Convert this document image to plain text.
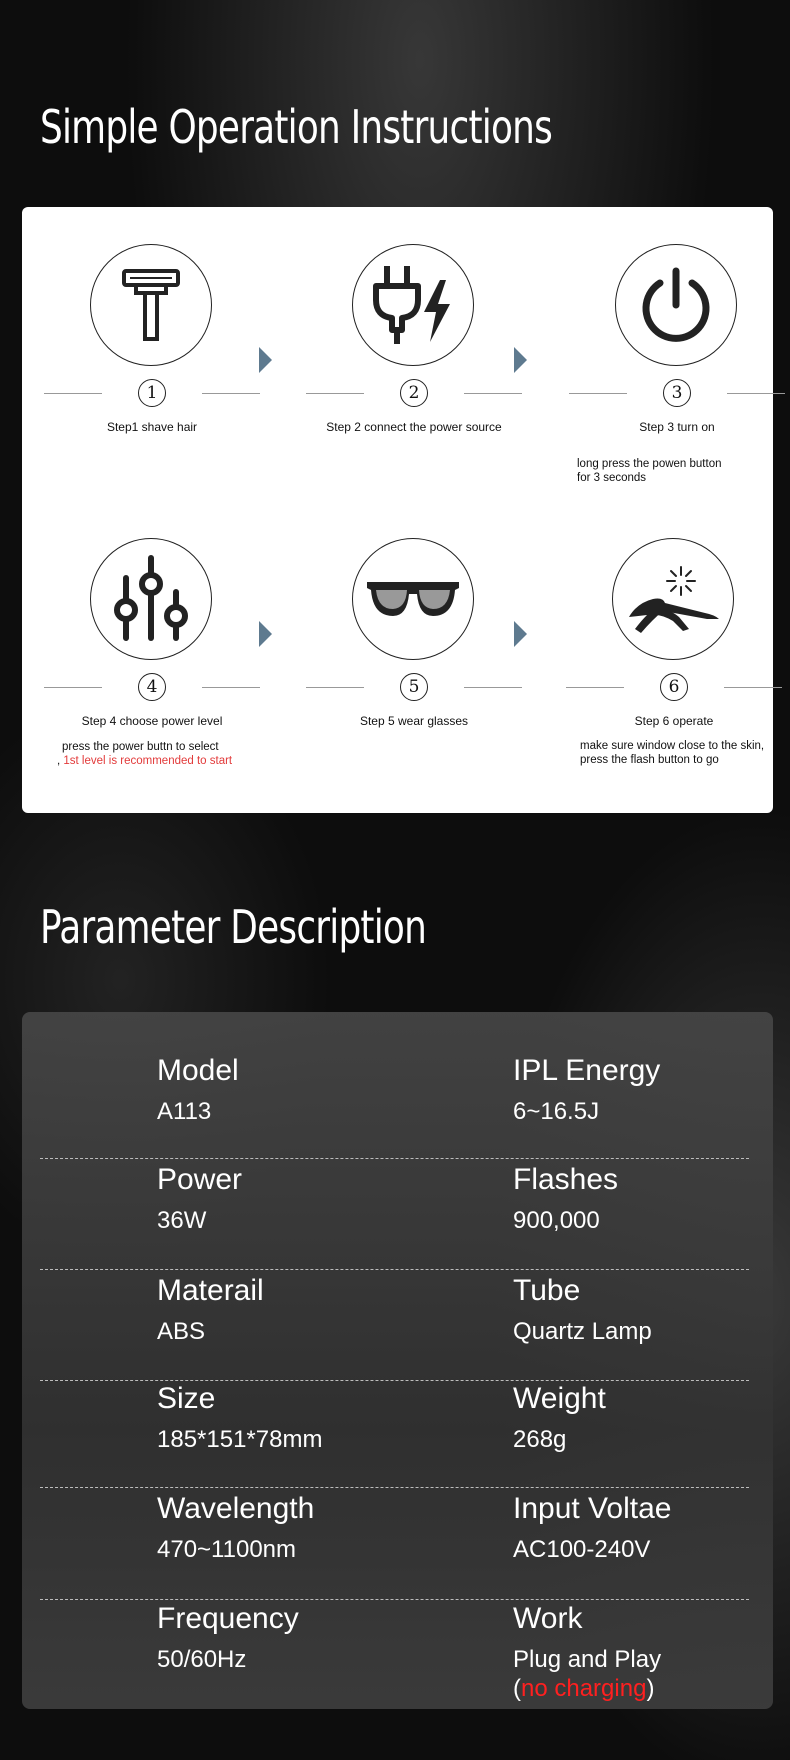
Simple Operation Instructions
1
Step1 shave hair
2
Step 2 connect the power source
3
Step 3 turn on
long press the powen button
for 3 seconds
4
Step 4 choose power level
press the power buttn to select
, 1st level is recommended to start
5
Step 5 wear glasses
6
Step 6 operate
make sure window close to the skin,
press the flash button to go
Parameter Description
Model
A113
IPL Energy
6~16.5J
Power
36W
Flashes
900,000
Materail
ABS
Tube
Quartz Lamp
Size
185*151*78mm
Weight
268g
Wavelength
470~1100nm
Input Voltae
AC100-240V
Frequency
50/60Hz
Work
Plug and Play
(no charging)
